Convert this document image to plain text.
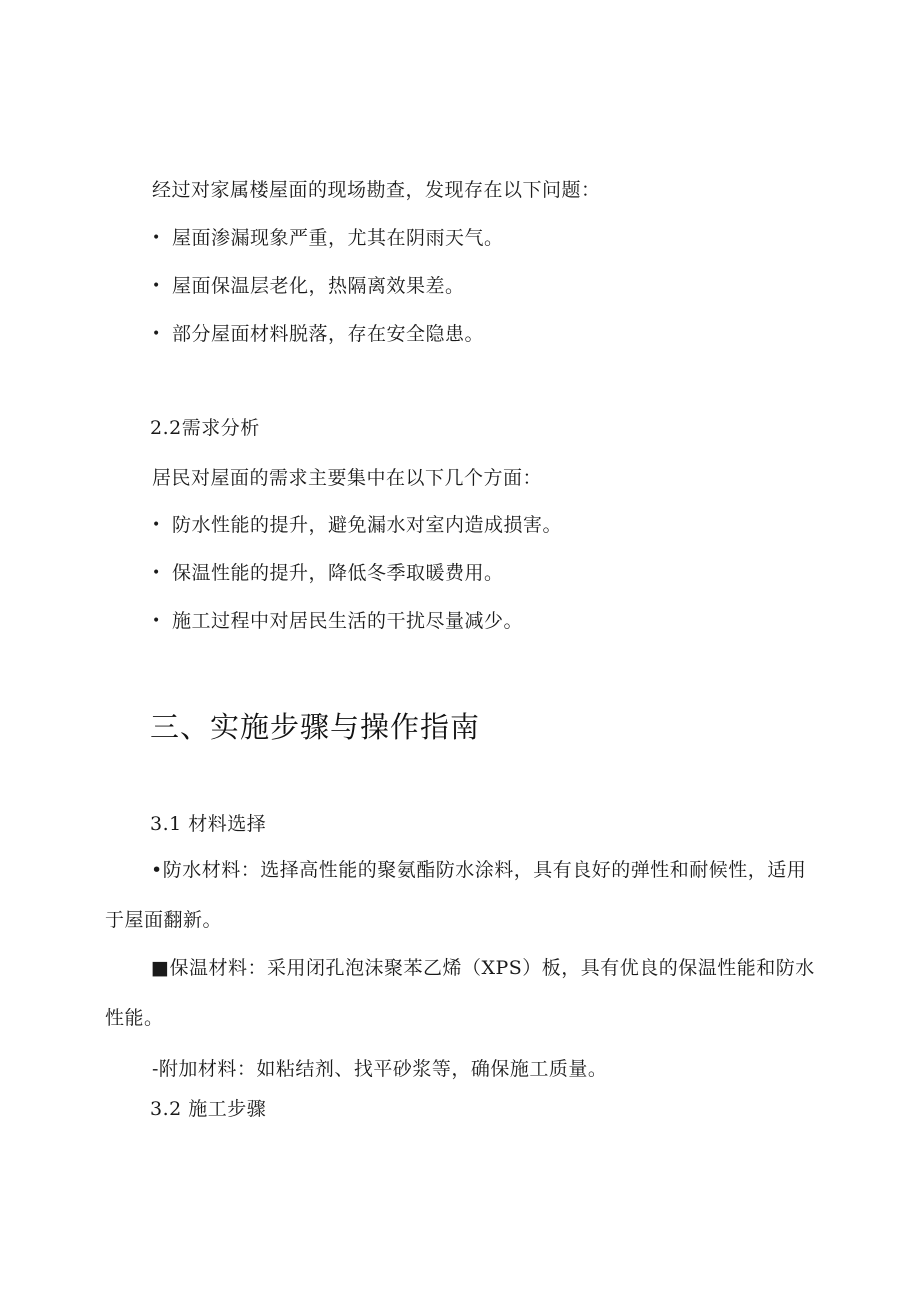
经过对家属楼屋面的现场勘查，发现存在以下问题：
• 屋面渗漏现象严重，尤其在阴雨天气。
• 屋面保温层老化，热隔离效果差。
• 部分屋面材料脱落，存在安全隐患。
2.2需求分析
居民对屋面的需求主要集中在以下几个方面：
• 防水性能的提升，避免漏水对室内造成损害。
• 保温性能的提升，降低冬季取暖费用。
• 施工过程中对居民生活的干扰尽量减少。
三、实施步骤与操作指南
3.1 材料选择
•防水材料：选择高性能的聚氨酯防水涂料，具有良好的弹性和耐候性，适用于屋面翻新。
■保温材料：采用闭孔泡沫聚苯乙烯（XPS）板，具有优良的保温性能和防水性能。
-附加材料：如粘结剂、找平砂浆等，确保施工质量。
3.2 施工步骤
